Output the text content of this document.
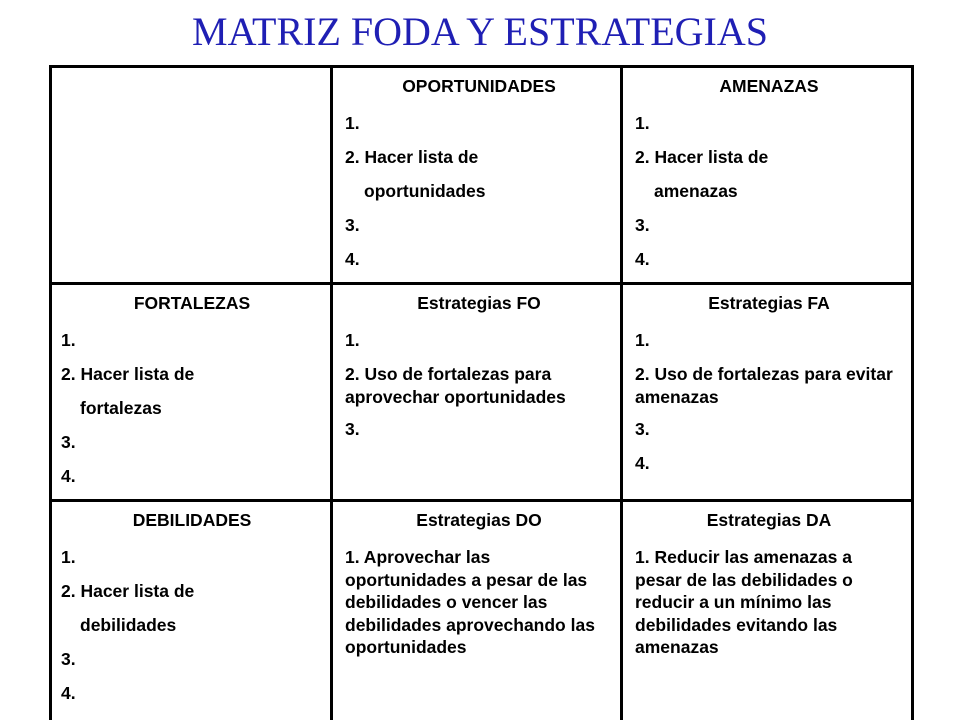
MATRIZ FODA Y ESTRATEGIAS
OPORTUNIDADES
1.
2. Hacer lista de
oportunidades
3.
4.
AMENAZAS
1.
2. Hacer lista de
amenazas
3.
4.
FORTALEZAS
1.
2. Hacer lista de
fortalezas
3.
4.
Estrategias FO
1.
2. Uso de fortalezas para aprovechar oportunidades
3.
Estrategias FA
1.
2. Uso de fortalezas para evitar amenazas
3.
4.
DEBILIDADES
1.
2. Hacer lista de
debilidades
3.
4.
Estrategias DO
1. Aprovechar las oportunidades a pesar de las debilidades o vencer las debilidades aprovechando las oportunidades
Estrategias DA
1. Reducir las amenazas a pesar de las debilidades o reducir a un mínimo las debilidades evitando las amenazas
